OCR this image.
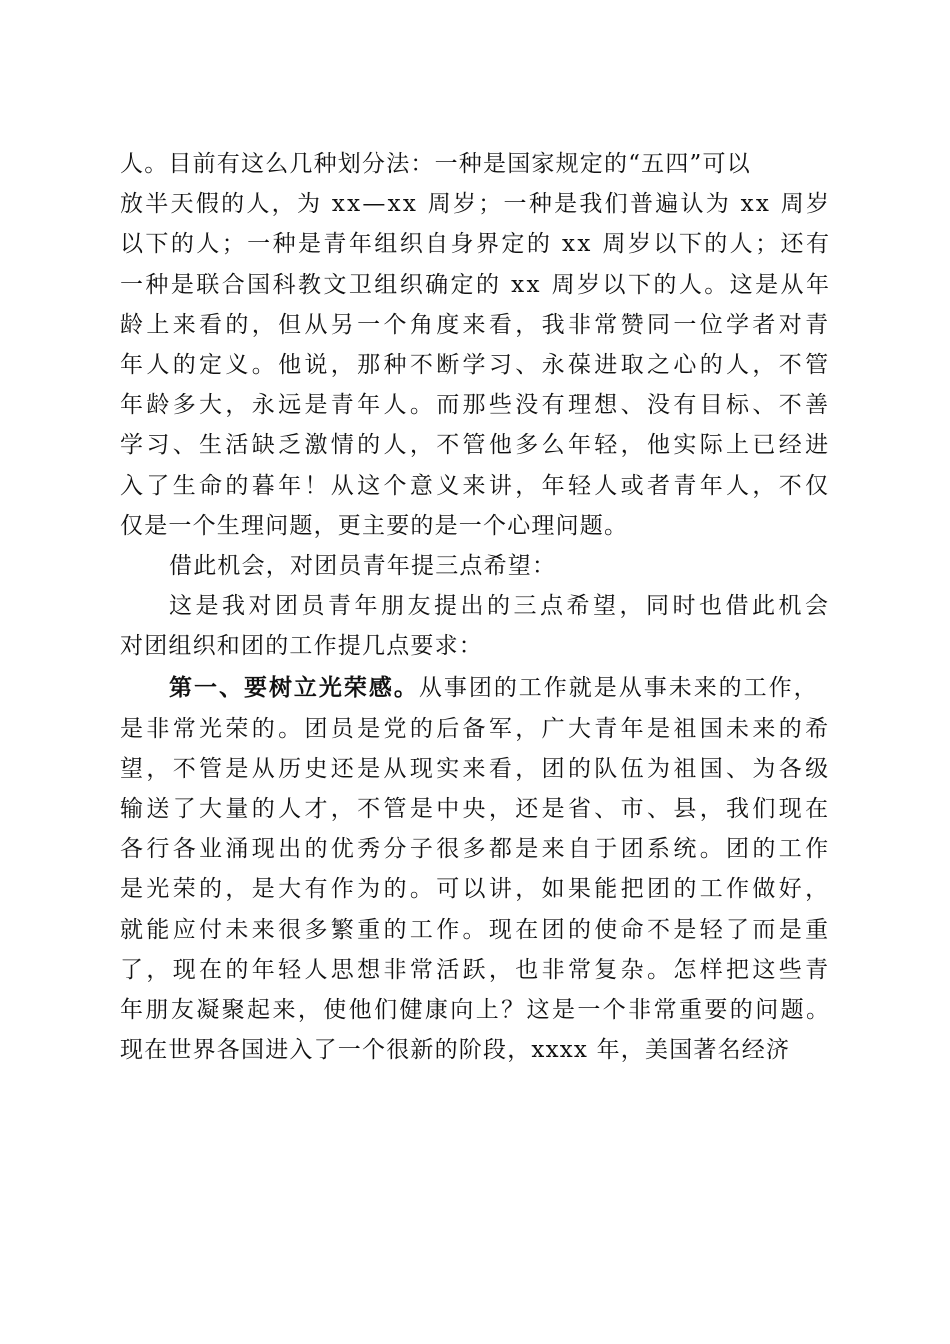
人。目前有这么几种划分法：一种是国家规定的“五四”可以
放半天假的人，为 xx—xx 周岁；一种是我们普遍认为 xx 周岁
以下的人；一种是青年组织自身界定的 xx 周岁以下的人；还有
一种是联合国科教文卫组织确定的 xx 周岁以下的人。这是从年
龄上来看的，但从另一个角度来看，我非常赞同一位学者对青
年人的定义。他说，那种不断学习、永葆进取之心的人，不管
年龄多大，永远是青年人。而那些没有理想、没有目标、不善
学习、生活缺乏激情的人，不管他多么年轻，他实际上已经进
入了生命的暮年！从这个意义来讲，年轻人或者青年人，不仅
仅是一个生理问题，更主要的是一个心理问题。
借此机会，对团员青年提三点希望：
这是我对团员青年朋友提出的三点希望，同时也借此机会
对团组织和团的工作提几点要求：
第一、要树立光荣感。从事团的工作就是从事未来的工作，
是非常光荣的。团员是党的后备军，广大青年是祖国未来的希
望，不管是从历史还是从现实来看，团的队伍为祖国、为各级
输送了大量的人才，不管是中央，还是省、市、县，我们现在
各行各业涌现出的优秀分子很多都是来自于团系统。团的工作
是光荣的，是大有作为的。可以讲，如果能把团的工作做好，
就能应付未来很多繁重的工作。现在团的使命不是轻了而是重
了，现在的年轻人思想非常活跃，也非常复杂。怎样把这些青
年朋友凝聚起来，使他们健康向上？这是一个非常重要的问题。
现在世界各国进入了一个很新的阶段，xxxx 年，美国著名经济
